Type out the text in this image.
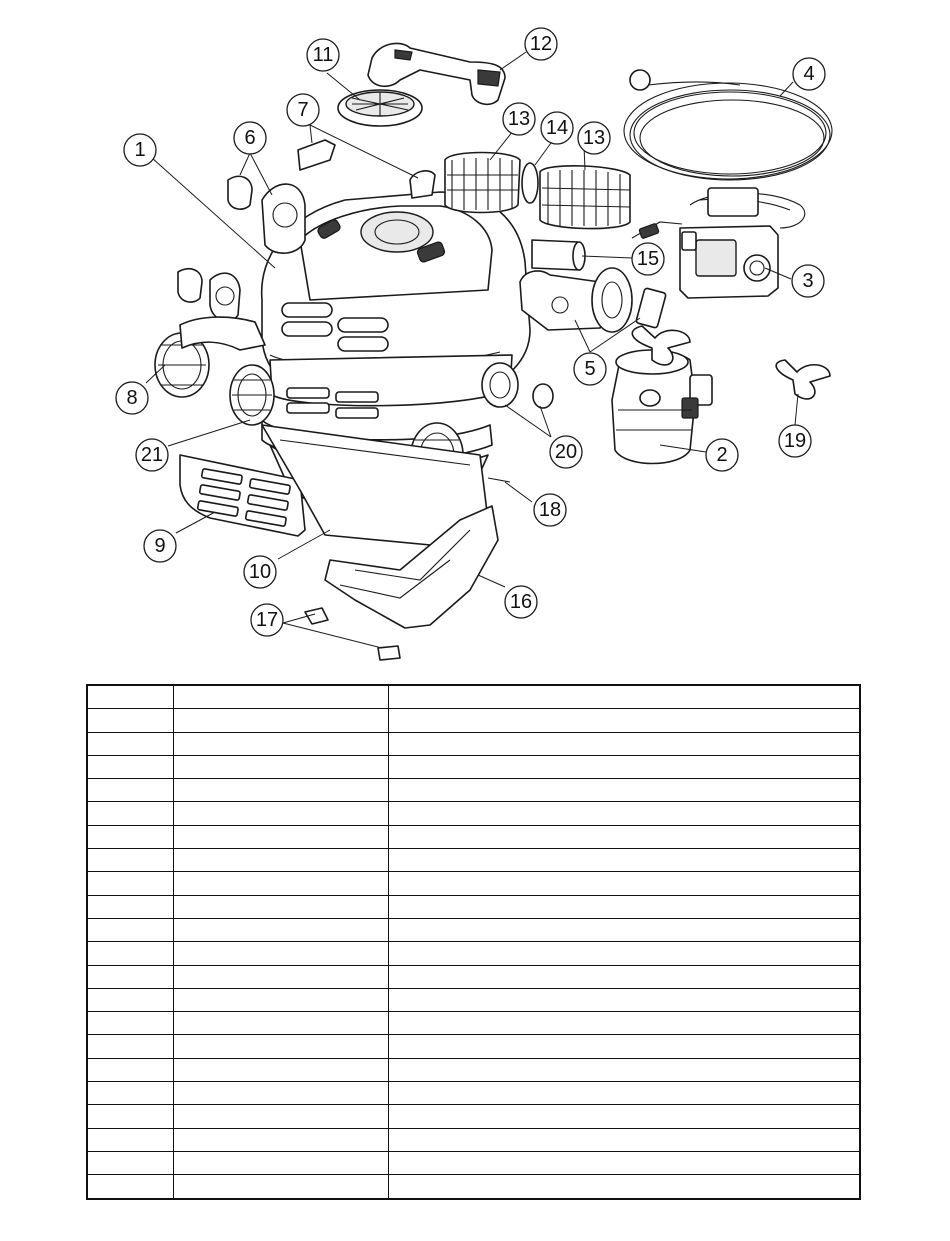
1
2
3
4
5
6
7
8
9
10
11	12
13
13
14
15
16
17
18
19
20
21
